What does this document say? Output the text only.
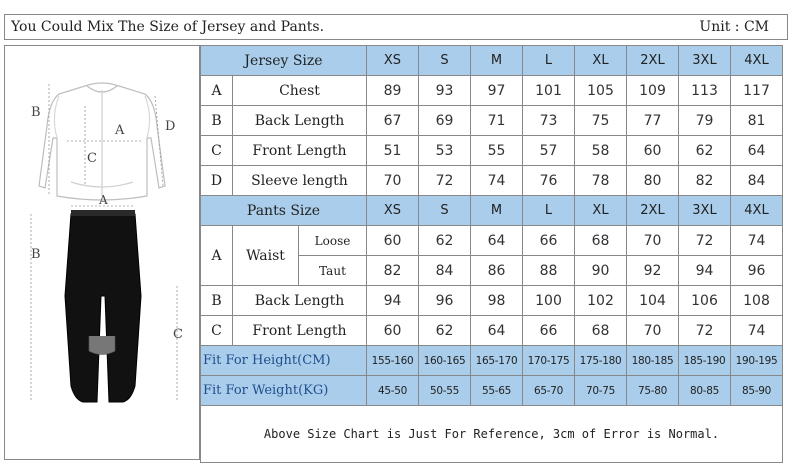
You Could Mix The Size of Jersey and Pants.	Unit : CM
B
A
C
D
A
B
C
Jersey Size			XS	S	M	L	XL	2XL	3XL	4XL
A	Chest		89	93	97	101	105	109	113	117
B	Back Length		67	69	71	73	75	77	79	81
C	Front Length		51	53	55	57	58	60	62	64
D	Sleeve length		70	72	74	76	78	80	82	84
Pants Size			XS	S	M	L	XL	2XL	3XL	4XL
A	Waist	Loose	60	62	64	66	68	70	72	74
		Taut	82	84	86	88	90	92	94	96
B	Back Length		94	96	98	100	102	104	106	108
C	Front Length		60	62	64	66	68	70	72	74
Fit For Height(CM)			155-160	160-165	165-170	170-175	175-180	180-185	185-190	190-195
Fit For Weight(KG)			45-50	50-55	55-65	65-70	70-75	75-80	80-85	85-90
Above Size Chart is Just For Reference, 3cm of Error is Normal.										
